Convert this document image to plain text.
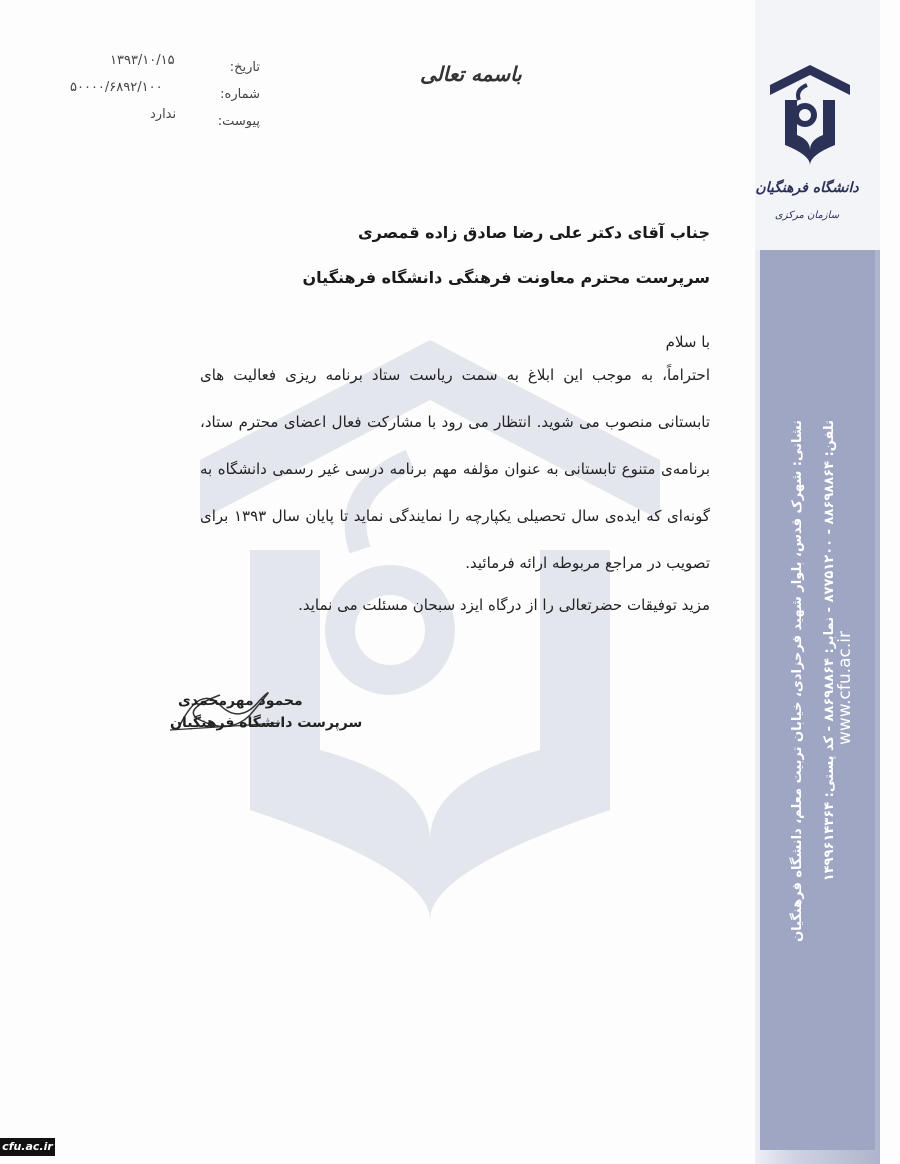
دانشگاه فرهنگیان
سازمان مرکزی
نشانی: شهرک قدس، بلوار شهید فرحزادی، خیابان تربیت معلم، دانشگاه فرهنگیان تلفن: ۸۸۶۹۸۸۶۴ - ۸۷۷۵۱۲۰۰ - نمابر: ۸۸۶۹۸۸۶۴ - کد پستی: ۱۴۹۹۶۱۴۳۶۴
www.cfu.ac.ir
باسمه تعالی
تاریخ:
۱۳۹۳/۱۰/۱۵
شماره:
۵۰۰۰۰/۶۸۹۲/۱۰۰
پیوست:
ندارد
جناب آقای دکتر علی رضا صادق زاده قمصری
سرپرست محترم معاونت فرهنگی دانشگاه فرهنگیان
با سلام
احتراماً، به موجب این ابلاغ به سمت ریاست ستاد برنامه ریزی فعالیت های تابستانی منصوب می شوید. انتظار می رود با مشارکت فعال اعضای محترم ستاد، برنامه‌ی متنوع تابستانی به عنوان مؤلفه مهم برنامه درسی غیر رسمی دانشگاه به گونه‌ای که ایده‌ی سال تحصیلی یکپارچه را نمایندگی نماید تا پایان سال ۱۳۹۳ برای تصویب در مراجع مربوطه ارائه فرمائید.
مزید توفیقات حضرتعالی را از درگاه ایزد سبحان مسئلت می نماید.
محمود مهرمحمدی
سرپرست دانشگاه فرهنگیان
cfu.ac.ir
